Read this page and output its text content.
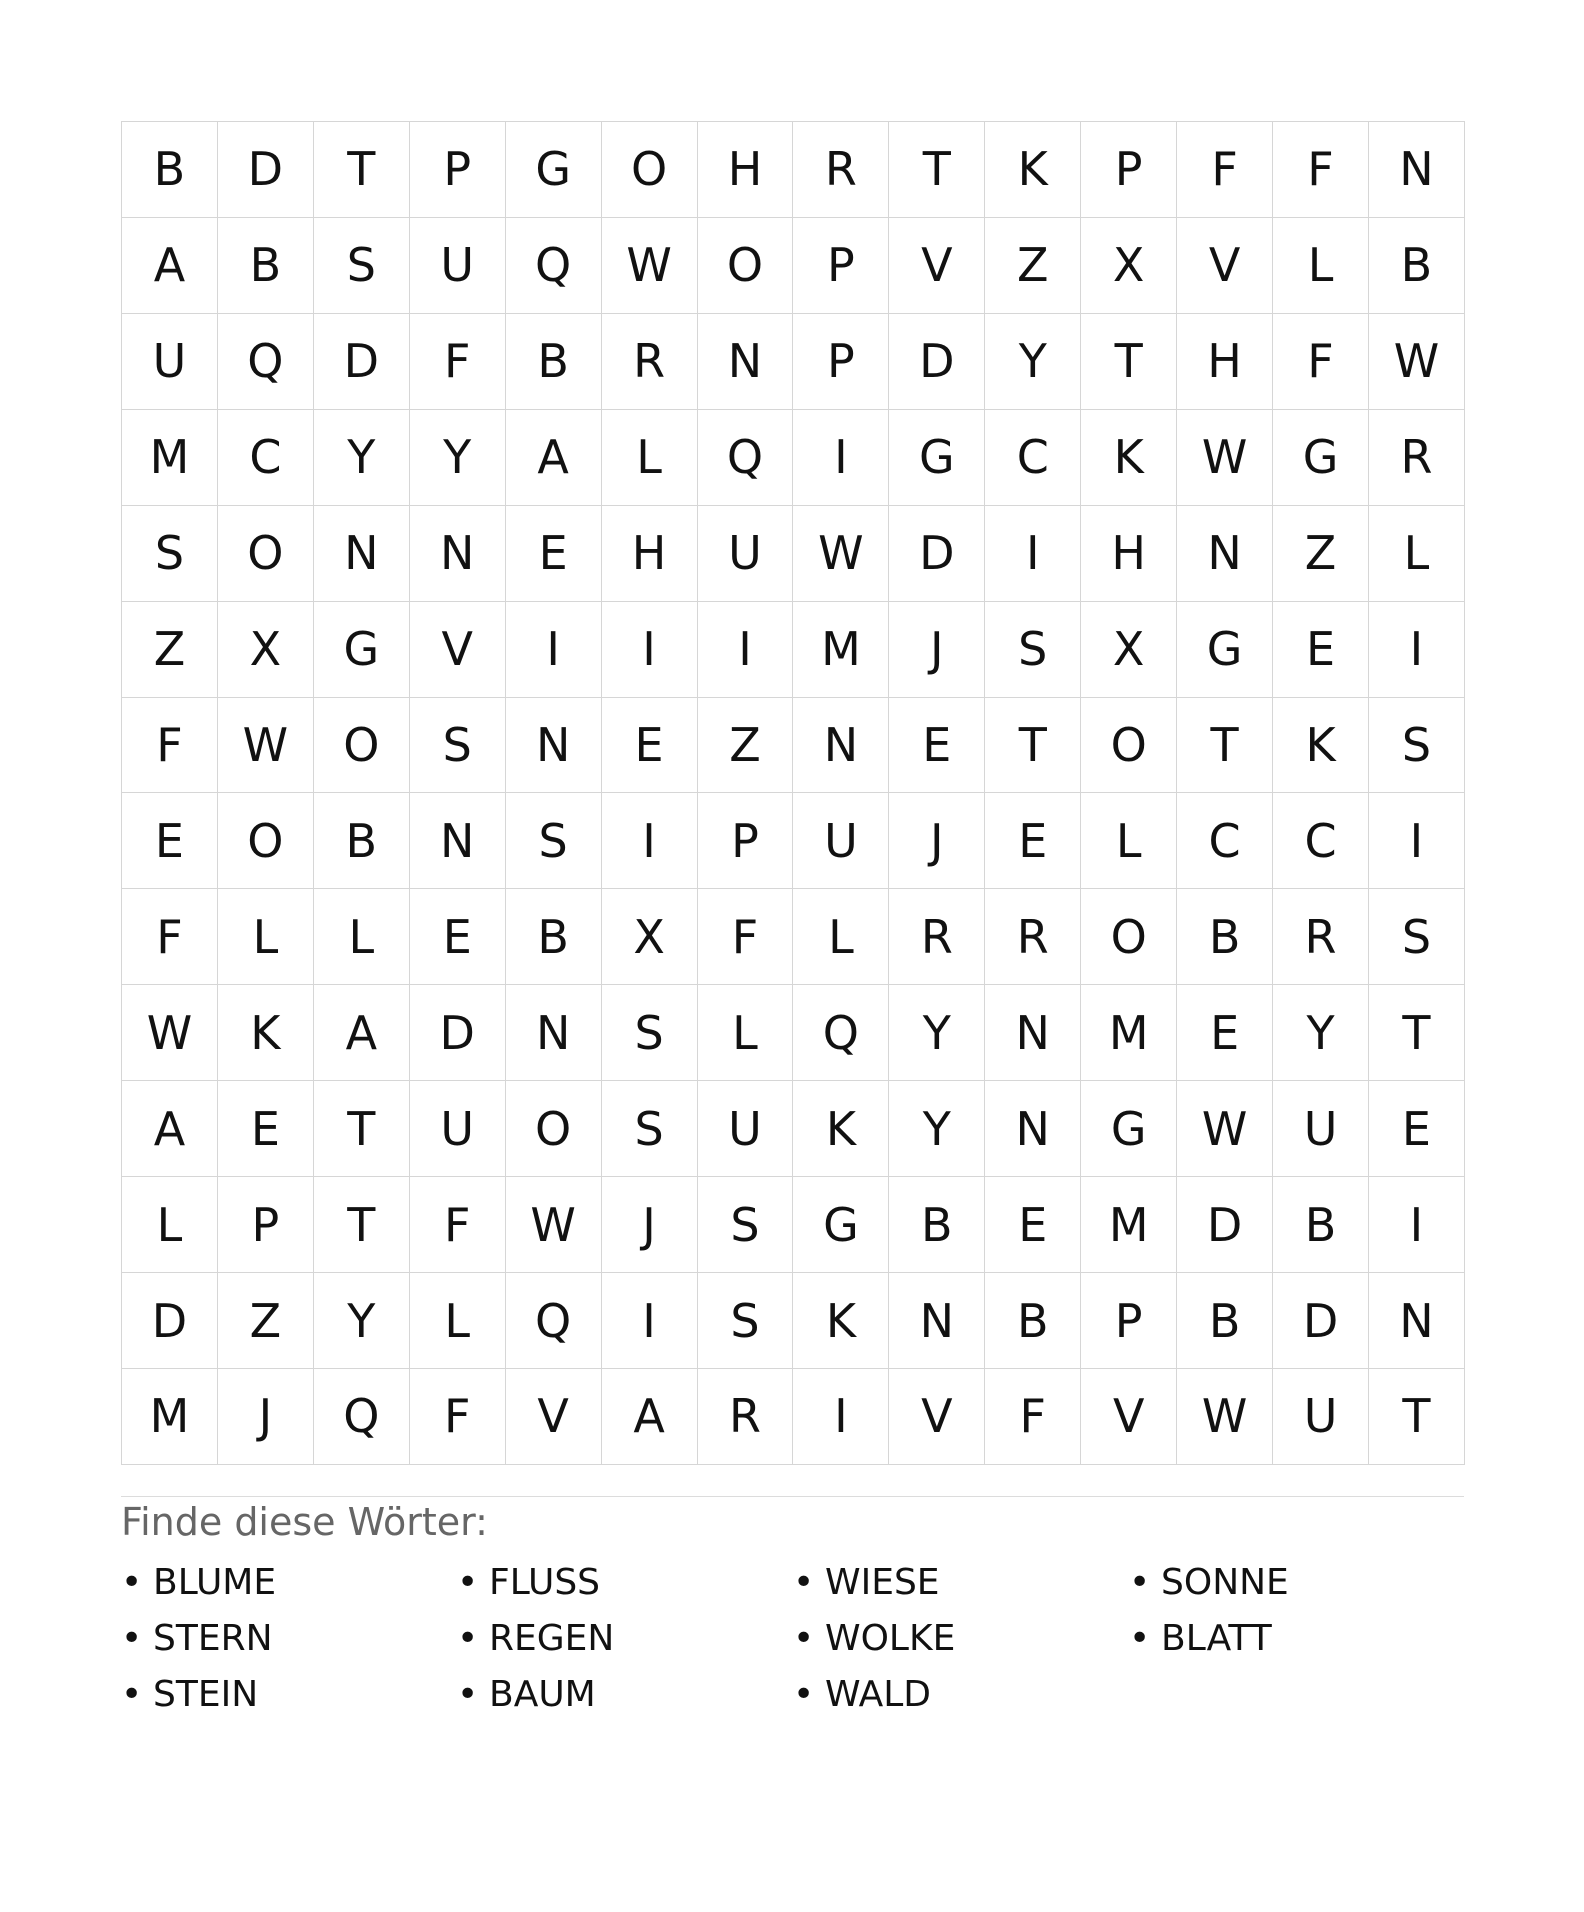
B	D	T	P	G	O	H	R	T	K	P	F	F	N
A	B	S	U	Q	W	O	P	V	Z	X	V	L	B
U	Q	D	F	B	R	N	P	D	Y	T	H	F	W
M	C	Y	Y	A	L	Q	I	G	C	K	W	G	R
S	O	N	N	E	H	U	W	D	I	H	N	Z	L
Z	X	G	V	I	I	I	M	J	S	X	G	E	I
F	W	O	S	N	E	Z	N	E	T	O	T	K	S
E	O	B	N	S	I	P	U	J	E	L	C	C	I
F	L	L	E	B	X	F	L	R	R	O	B	R	S
W	K	A	D	N	S	L	Q	Y	N	M	E	Y	T
A	E	T	U	O	S	U	K	Y	N	G	W	U	E
L	P	T	F	W	J	S	G	B	E	M	D	B	I
D	Z	Y	L	Q	I	S	K	N	B	P	B	D	N
M	J	Q	F	V	A	R	I	V	F	V	W	U	T
Finde diese Wörter:
• BLUME	• FLUSS	• WIESE	• SONNE
• STERN	• REGEN	• WOLKE	• BLATT
• STEIN	• BAUM	• WALD
